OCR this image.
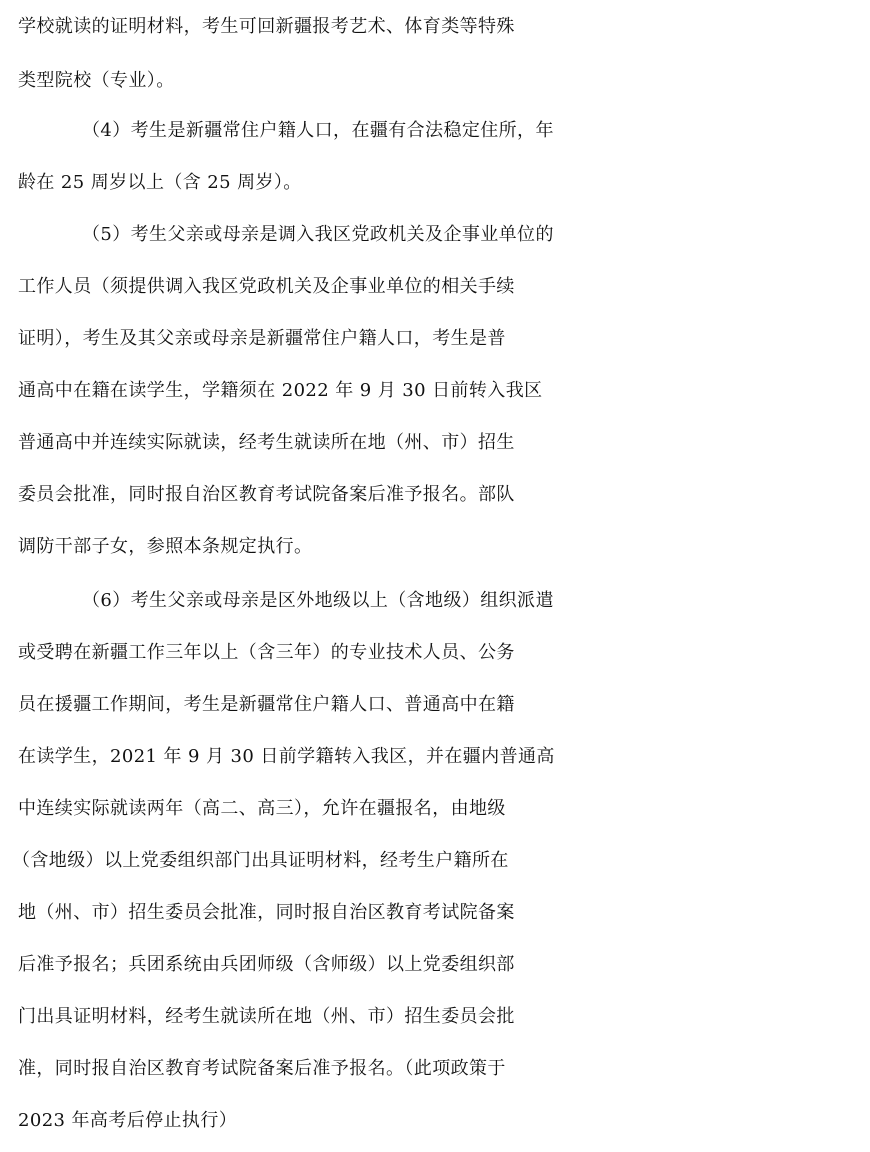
学校就读的证明材料，考生可回新疆报考艺术、体育类等特殊
类型院校（专业）。
（4）考生是新疆常住户籍人口，在疆有合法稳定住所，年
龄在 25 周岁以上（含 25 周岁）。
（5）考生父亲或母亲是调入我区党政机关及企事业单位的
工作人员（须提供调入我区党政机关及企事业单位的相关手续
证明），考生及其父亲或母亲是新疆常住户籍人口，考生是普
通高中在籍在读学生，学籍须在 2022 年 9 月 30 日前转入我区
普通高中并连续实际就读，经考生就读所在地（州、市）招生
委员会批准，同时报自治区教育考试院备案后准予报名。部队
调防干部子女，参照本条规定执行。
（6）考生父亲或母亲是区外地级以上（含地级）组织派遣
或受聘在新疆工作三年以上（含三年）的专业技术人员、公务
员在援疆工作期间，考生是新疆常住户籍人口、普通高中在籍
在读学生，2021 年 9 月 30 日前学籍转入我区，并在疆内普通高
中连续实际就读两年（高二、高三），允许在疆报名，由地级
（含地级）以上党委组织部门出具证明材料，经考生户籍所在
地（州、市）招生委员会批准，同时报自治区教育考试院备案
后准予报名；兵团系统由兵团师级（含师级）以上党委组织部
门出具证明材料，经考生就读所在地（州、市）招生委员会批
准，同时报自治区教育考试院备案后准予报名。（此项政策于
2023 年高考后停止执行）
